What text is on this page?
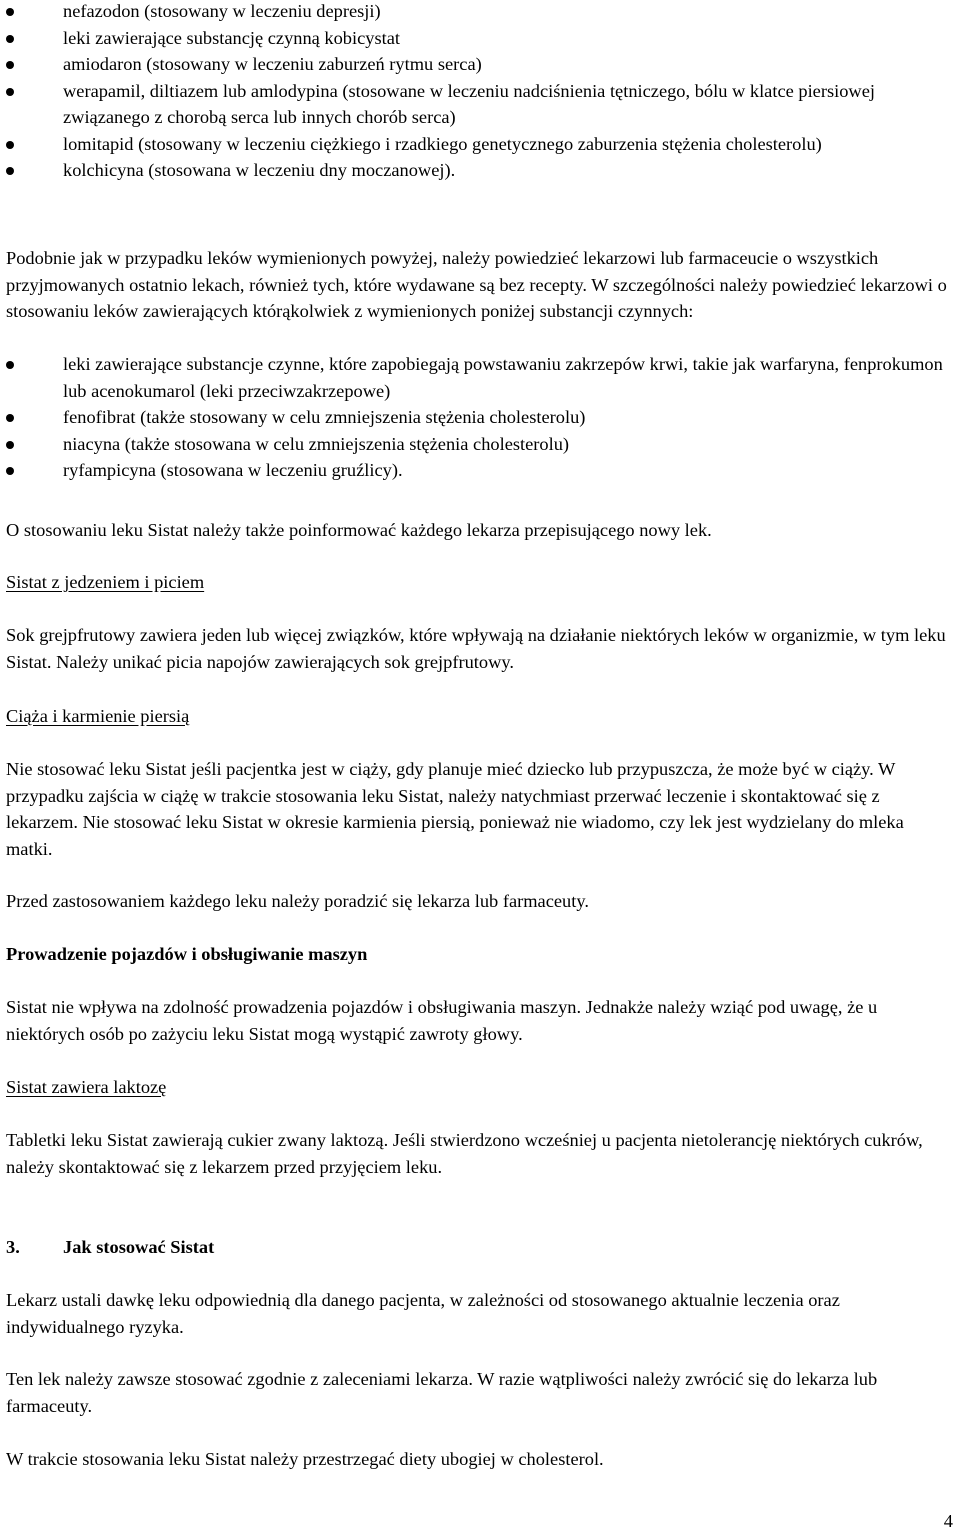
nefazodon (stosowany w leczeniu depresji)
leki zawierające substancję czynną kobicystat
amiodaron (stosowany w leczeniu zaburzeń rytmu serca)
werapamil, diltiazem lub amlodypina (stosowane w leczeniu nadciśnienia tętniczego, bólu w klatce piersiowej związanego z chorobą serca lub innych chorób serca)
lomitapid (stosowany w leczeniu ciężkiego i rzadkiego genetycznego zaburzenia stężenia cholesterolu)
kolchicyna (stosowana w leczeniu dny moczanowej).

Podobnie jak w przypadku leków wymienionych powyżej, należy powiedzieć lekarzowi lub farmaceucie o wszystkich przyjmowanych ostatnio lekach, również tych, które wydawane są bez recepty. W szczególności należy powiedzieć lekarzowi o stosowaniu leków zawierających którąkolwiek z wymienionych poniżej substancji czynnych:

leki zawierające substancje czynne, które zapobiegają powstawaniu zakrzepów krwi, takie jak warfaryna, fenprokumon lub acenokumarol (leki przeciwzakrzepowe)
fenofibrat (także stosowany w celu zmniejszenia stężenia cholesterolu)
niacyna (także stosowana w celu zmniejszenia stężenia cholesterolu)
ryfampicyna (stosowana w leczeniu gruźlicy).

O stosowaniu leku Sistat należy także poinformować każdego lekarza przepisującego nowy lek.

Sistat z jedzeniem i piciem

Sok grejpfrutowy zawiera jeden lub więcej związków, które wpływają na działanie niektórych leków w organizmie, w tym leku Sistat. Należy unikać picia napojów zawierających sok grejpfrutowy.

Ciąża i karmienie piersią

Nie stosować leku Sistat jeśli pacjentka jest w ciąży, gdy planuje mieć dziecko lub przypuszcza, że może być w ciąży. W przypadku zajścia w ciążę w trakcie stosowania leku Sistat, należy natychmiast przerwać leczenie i skontaktować się z lekarzem. Nie stosować leku Sistat w okresie karmienia piersią, ponieważ nie wiadomo, czy lek jest wydzielany do mleka matki.

Przed zastosowaniem każdego leku należy poradzić się lekarza lub farmaceuty.

Prowadzenie pojazdów i obsługiwanie maszyn

Sistat nie wpływa na zdolność prowadzenia pojazdów i obsługiwania maszyn. Jednakże należy wziąć pod uwagę, że u niektórych osób po zażyciu leku Sistat mogą wystąpić zawroty głowy.

Sistat zawiera laktozę

Tabletki leku Sistat zawierają cukier zwany laktozą. Jeśli stwierdzono wcześniej u pacjenta nietolerancję niektórych cukrów, należy skontaktować się z lekarzem przed przyjęciem leku.

3.	Jak stosować Sistat

Lekarz ustali dawkę leku odpowiednią dla danego pacjenta, w zależności od stosowanego aktualnie leczenia oraz indywidualnego ryzyka.

Ten lek należy zawsze stosować zgodnie z zaleceniami lekarza. W razie wątpliwości należy zwrócić się do lekarza lub farmaceuty.

W trakcie stosowania leku Sistat należy przestrzegać diety ubogiej w cholesterol.

4
